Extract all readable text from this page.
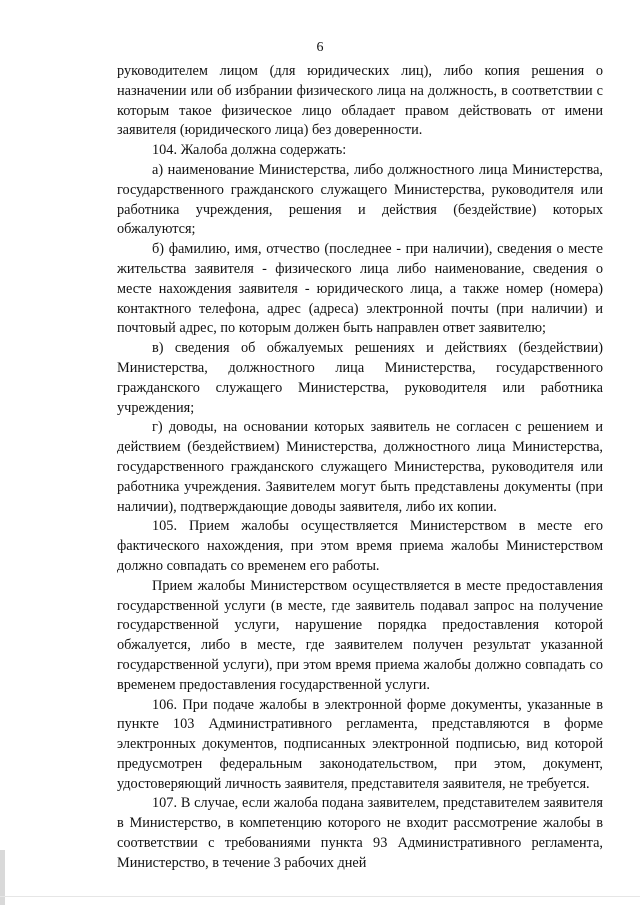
6

руководителем лицом (для юридических лиц), либо копия решения о назначении или об избрании физического лица на должность, в соответствии с которым такое физическое лицо обладает правом действовать от имени заявителя (юридического лица) без доверенности.

104. Жалоба должна содержать:

а) наименование Министерства, либо должностного лица Министерства, государственного гражданского служащего Министерства, руководителя или работника учреждения, решения и действия (бездействие) которых обжалуются;

б) фамилию, имя, отчество (последнее - при наличии), сведения о месте жительства заявителя - физического лица либо наименование, сведения о месте нахождения заявителя - юридического лица, а также номер (номера) контактного телефона, адрес (адреса) электронной почты (при наличии) и почтовый адрес, по которым должен быть направлен ответ заявителю;

в) сведения об обжалуемых решениях и действиях (бездействии) Министерства, должностного лица Министерства, государственного гражданского служащего Министерства, руководителя или работника учреждения;

г) доводы, на основании которых заявитель не согласен с решением и действием (бездействием) Министерства, должностного лица Министерства, государственного гражданского служащего Министерства, руководителя или работника учреждения. Заявителем могут быть представлены документы (при наличии), подтверждающие доводы заявителя, либо их копии.

105. Прием жалобы осуществляется Министерством в месте его фактического нахождения, при этом время приема жалобы Министерством должно совпадать со временем его работы.

Прием жалобы Министерством осуществляется в месте предоставления государственной услуги (в месте, где заявитель подавал запрос на получение государственной услуги, нарушение порядка предоставления которой обжалуется, либо в месте, где заявителем получен результат указанной государственной услуги), при этом время приема жалобы должно совпадать со временем предоставления государственной услуги.

106. При подаче жалобы в электронной форме документы, указанные в пункте 103 Административного регламента, представляются в форме электронных документов, подписанных электронной подписью, вид которой предусмотрен федеральным законодательством, при этом, документ, удостоверяющий личность заявителя, представителя заявителя, не требуется.

107. В случае, если жалоба подана заявителем, представителем заявителя в Министерство, в компетенцию которого не входит рассмотрение жалобы в соответствии с требованиями пункта 93 Административного регламента, Министерство, в течение 3 рабочих дней
